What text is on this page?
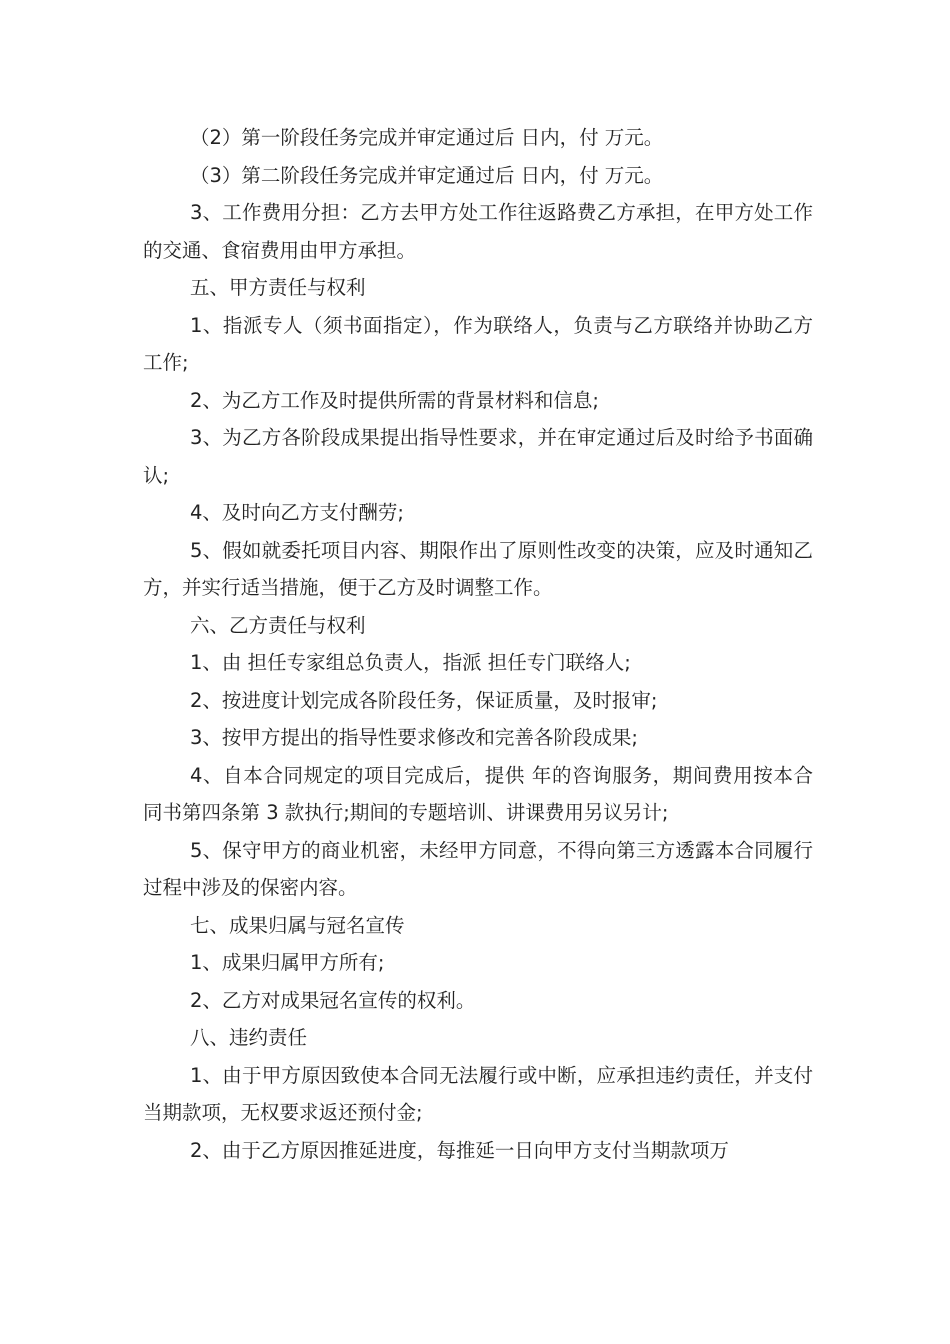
（2）第一阶段任务完成并审定通过后 日内，付 万元。

（3）第二阶段任务完成并审定通过后 日内，付 万元。

3、工作费用分担：乙方去甲方处工作往返路费乙方承担，在甲方处工作的交通、食宿费用由甲方承担。

五、甲方责任与权利

1、指派专人（须书面指定），作为联络人，负责与乙方联络并协助乙方工作;

2、为乙方工作及时提供所需的背景材料和信息;

3、为乙方各阶段成果提出指导性要求，并在审定通过后及时给予书面确认;

4、及时向乙方支付酬劳;

5、假如就委托项目内容、期限作出了原则性改变的决策，应及时通知乙方，并实行适当措施，便于乙方及时调整工作。

六、乙方责任与权利

1、由 担任专家组总负责人，指派 担任专门联络人;

2、按进度计划完成各阶段任务，保证质量，及时报审;

3、按甲方提出的指导性要求修改和完善各阶段成果;

4、自本合同规定的项目完成后，提供 年的咨询服务，期间费用按本合同书第四条第 3 款执行;期间的专题培训、讲课费用另议另计;

5、保守甲方的商业机密，未经甲方同意，不得向第三方透露本合同履行过程中涉及的保密内容。

七、成果归属与冠名宣传

1、成果归属甲方所有;

2、乙方对成果冠名宣传的权利。

八、违约责任

1、由于甲方原因致使本合同无法履行或中断，应承担违约责任，并支付当期款项，无权要求返还预付金;

2、由于乙方原因推延进度，每推延一日向甲方支付当期款项万
